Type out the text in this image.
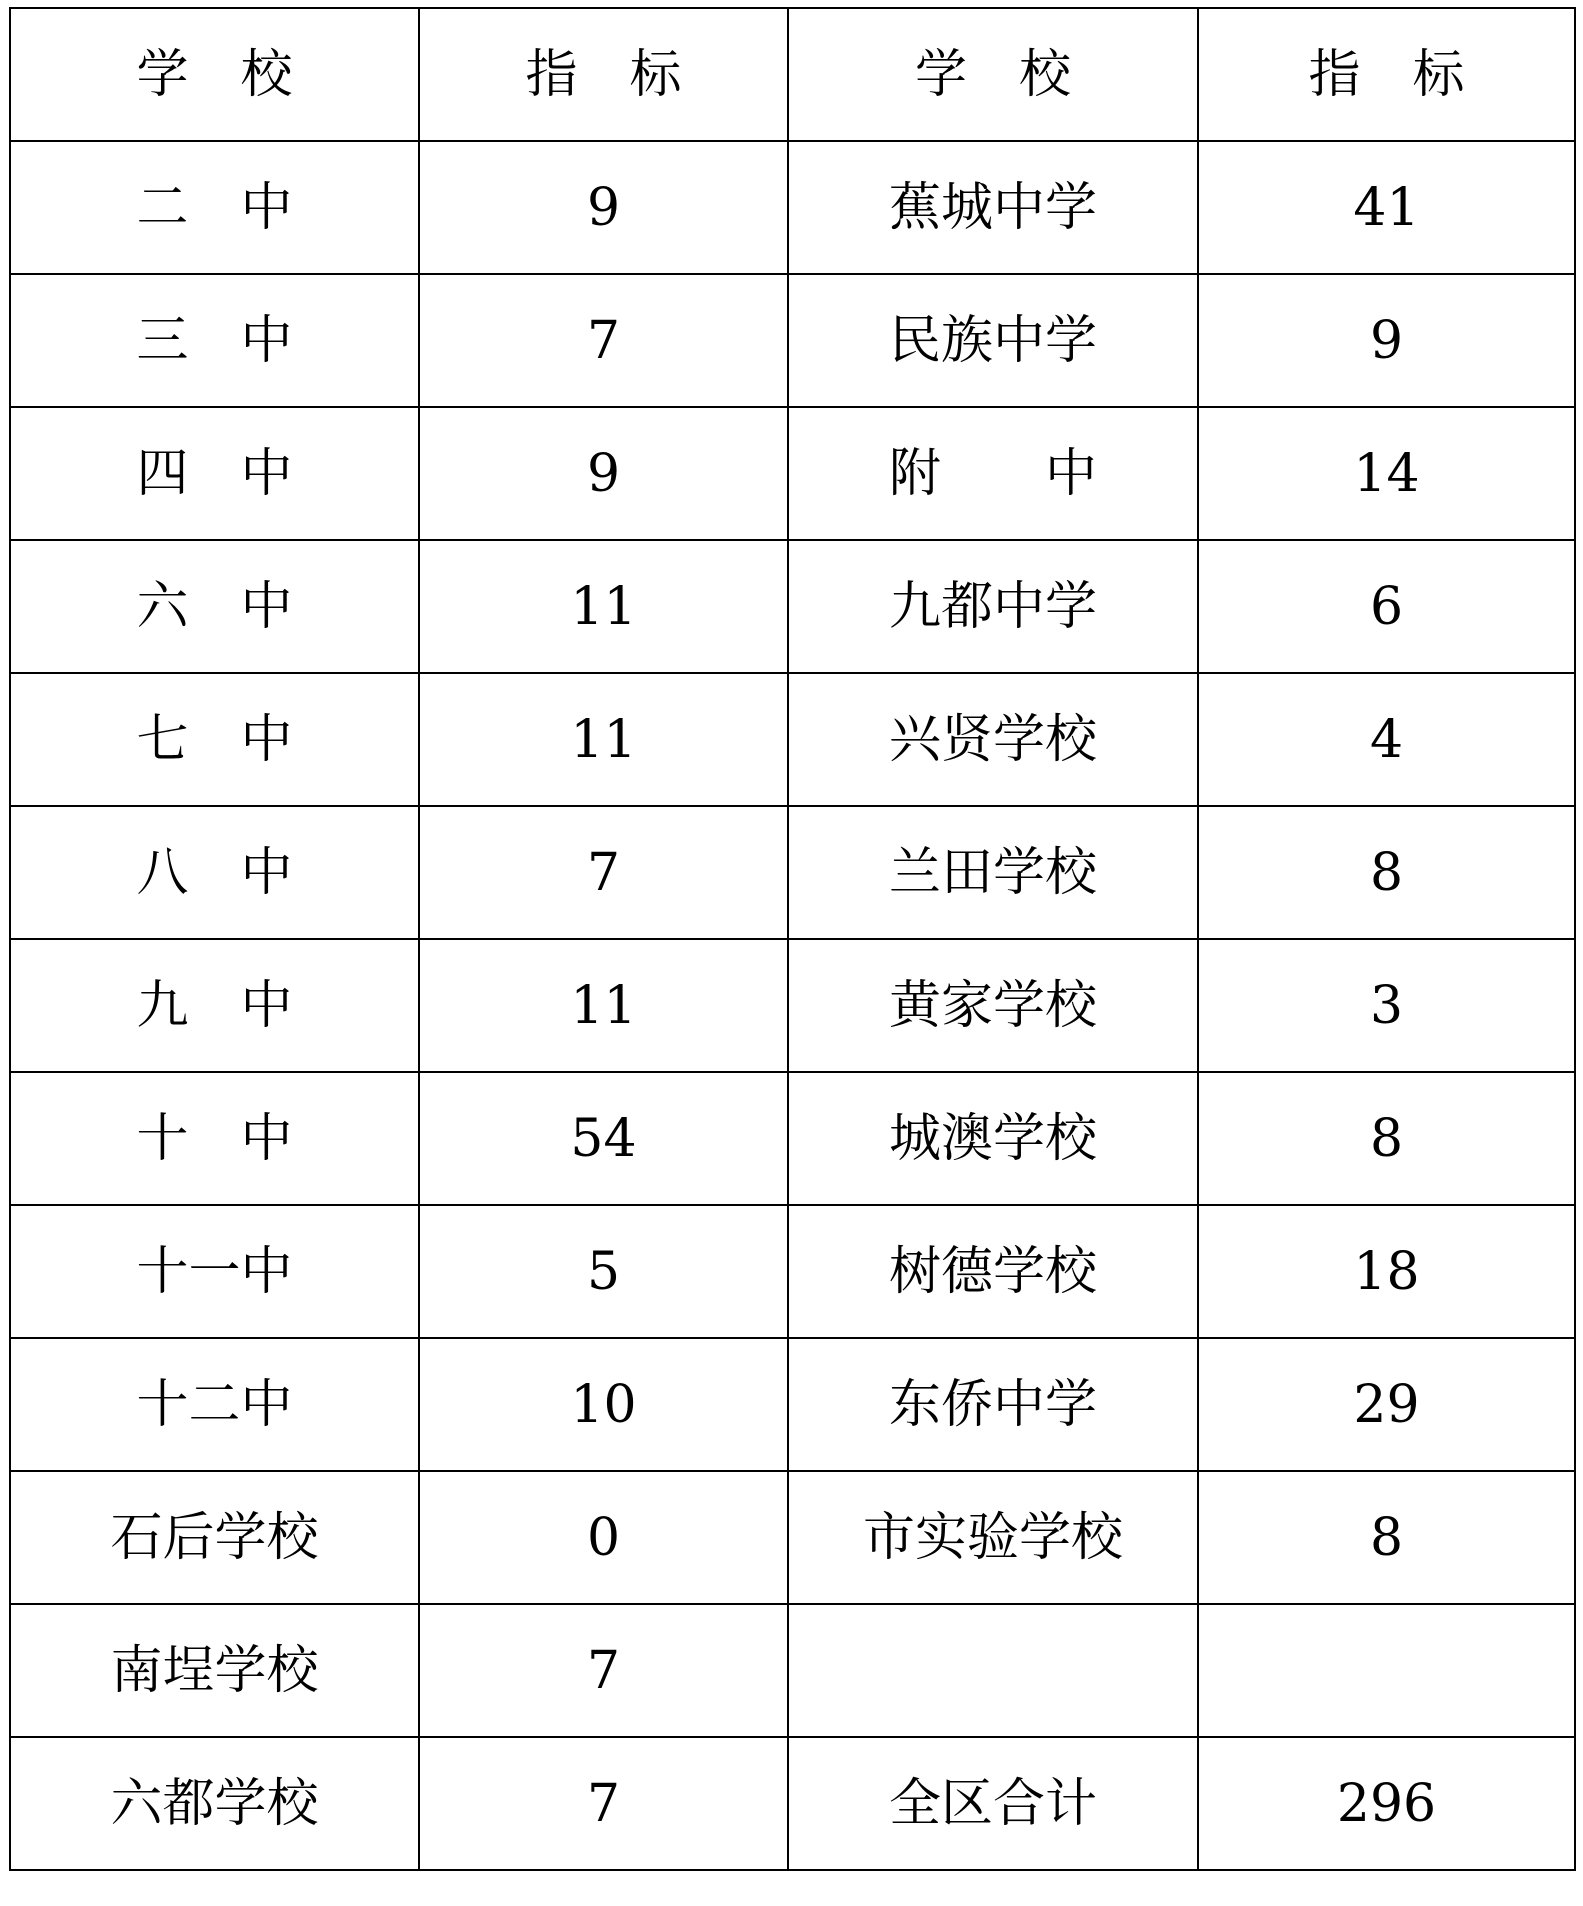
学　校	指　标	学　校	指　标
二　中	9	蕉城中学	41
三　中	7	民族中学	9
四　中	9	附　　中	14
六　中	11	九都中学	6
七　中	11	兴贤学校	4
八　中	7	兰田学校	8
九　中	11	黄家学校	3
十　中	54	城澳学校	8
十一中	5	树德学校	18
十二中	10	东侨中学	29
石后学校	0	市实验学校	8
南埕学校	7		
六都学校	7	全区合计	296
